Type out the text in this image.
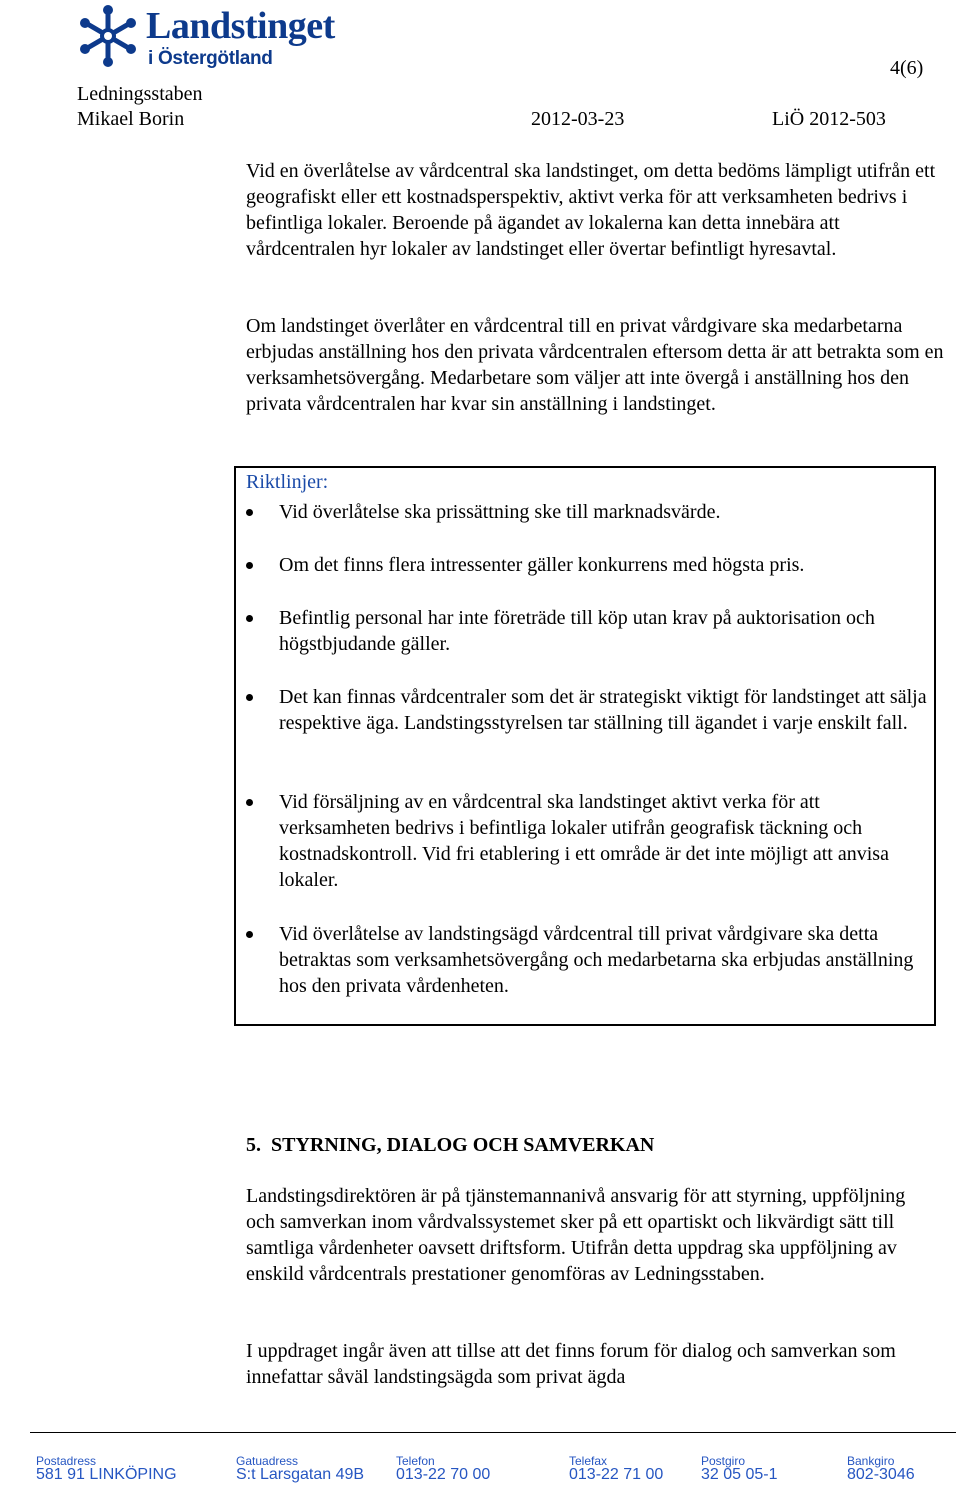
Landstinget
i Östergötland	4(6)
Ledningsstaben
Mikael Borin	2012-03-23	LiÖ 2012-503

Vid en överlåtelse av vårdcentral ska landstinget, om detta bedöms lämpligt utifrån ett geografiskt eller ett kostnadsperspektiv, aktivt verka för att verksamheten bedrivs i befintliga lokaler. Beroende på ägandet av lokalerna kan detta innebära att vårdcentralen hyr lokaler av landstinget eller övertar befintligt hyresavtal.

Om landstinget överlåter en vårdcentral till en privat vårdgivare ska medarbetarna erbjudas anställning hos den privata vårdcentralen eftersom detta är att betrakta som en verksamhetsövergång. Medarbetare som väljer att inte övergå i anställning hos den privata vårdcentralen har kvar sin anställning i landstinget.

Riktlinjer:
Vid överlåtelse ska prissättning ske till marknadsvärde.
Om det finns flera intressenter gäller konkurrens med högsta pris.
Befintlig personal har inte företräde till köp utan krav på auktorisation och högstbjudande gäller.
Det kan finnas vårdcentraler som det är strategiskt viktigt för landstinget att sälja respektive äga. Landstingsstyrelsen tar ställning till ägandet i varje enskilt fall.
Vid försäljning av en vårdcentral ska landstinget aktivt verka för att verksamheten bedrivs i befintliga lokaler utifrån geografisk täckning och kostnadskontroll. Vid fri etablering i ett område är det inte möjligt att anvisa lokaler.
Vid överlåtelse av landstingsägd vårdcentral till privat vårdgivare ska detta betraktas som verksamhetsövergång och medarbetarna ska erbjudas anställning hos den privata vårdenheten.
5.  STYRNING, DIALOG OCH SAMVERKAN

Landstingsdirektören är på tjänstemannanivå ansvarig för att styrning, uppföljning och samverkan inom vårdvalssystemet sker på ett opartiskt och likvärdigt sätt till samtliga vårdenheter oavsett driftsform. Utifrån detta uppdrag ska uppföljning av enskild vårdcentrals prestationer genomföras av Ledningsstaben.

I uppdraget ingår även att tillse att det finns forum för dialog och samverkan som innefattar såväl landstingsägda som privat ägda

Postadress
581 91 LINKÖPING
Gatuadress
S:t Larsgatan 49B
Telefon
013-22 70 00
Telefax
013-22 71 00
Postgiro
32 05 05-1
Bankgiro
802-3046
